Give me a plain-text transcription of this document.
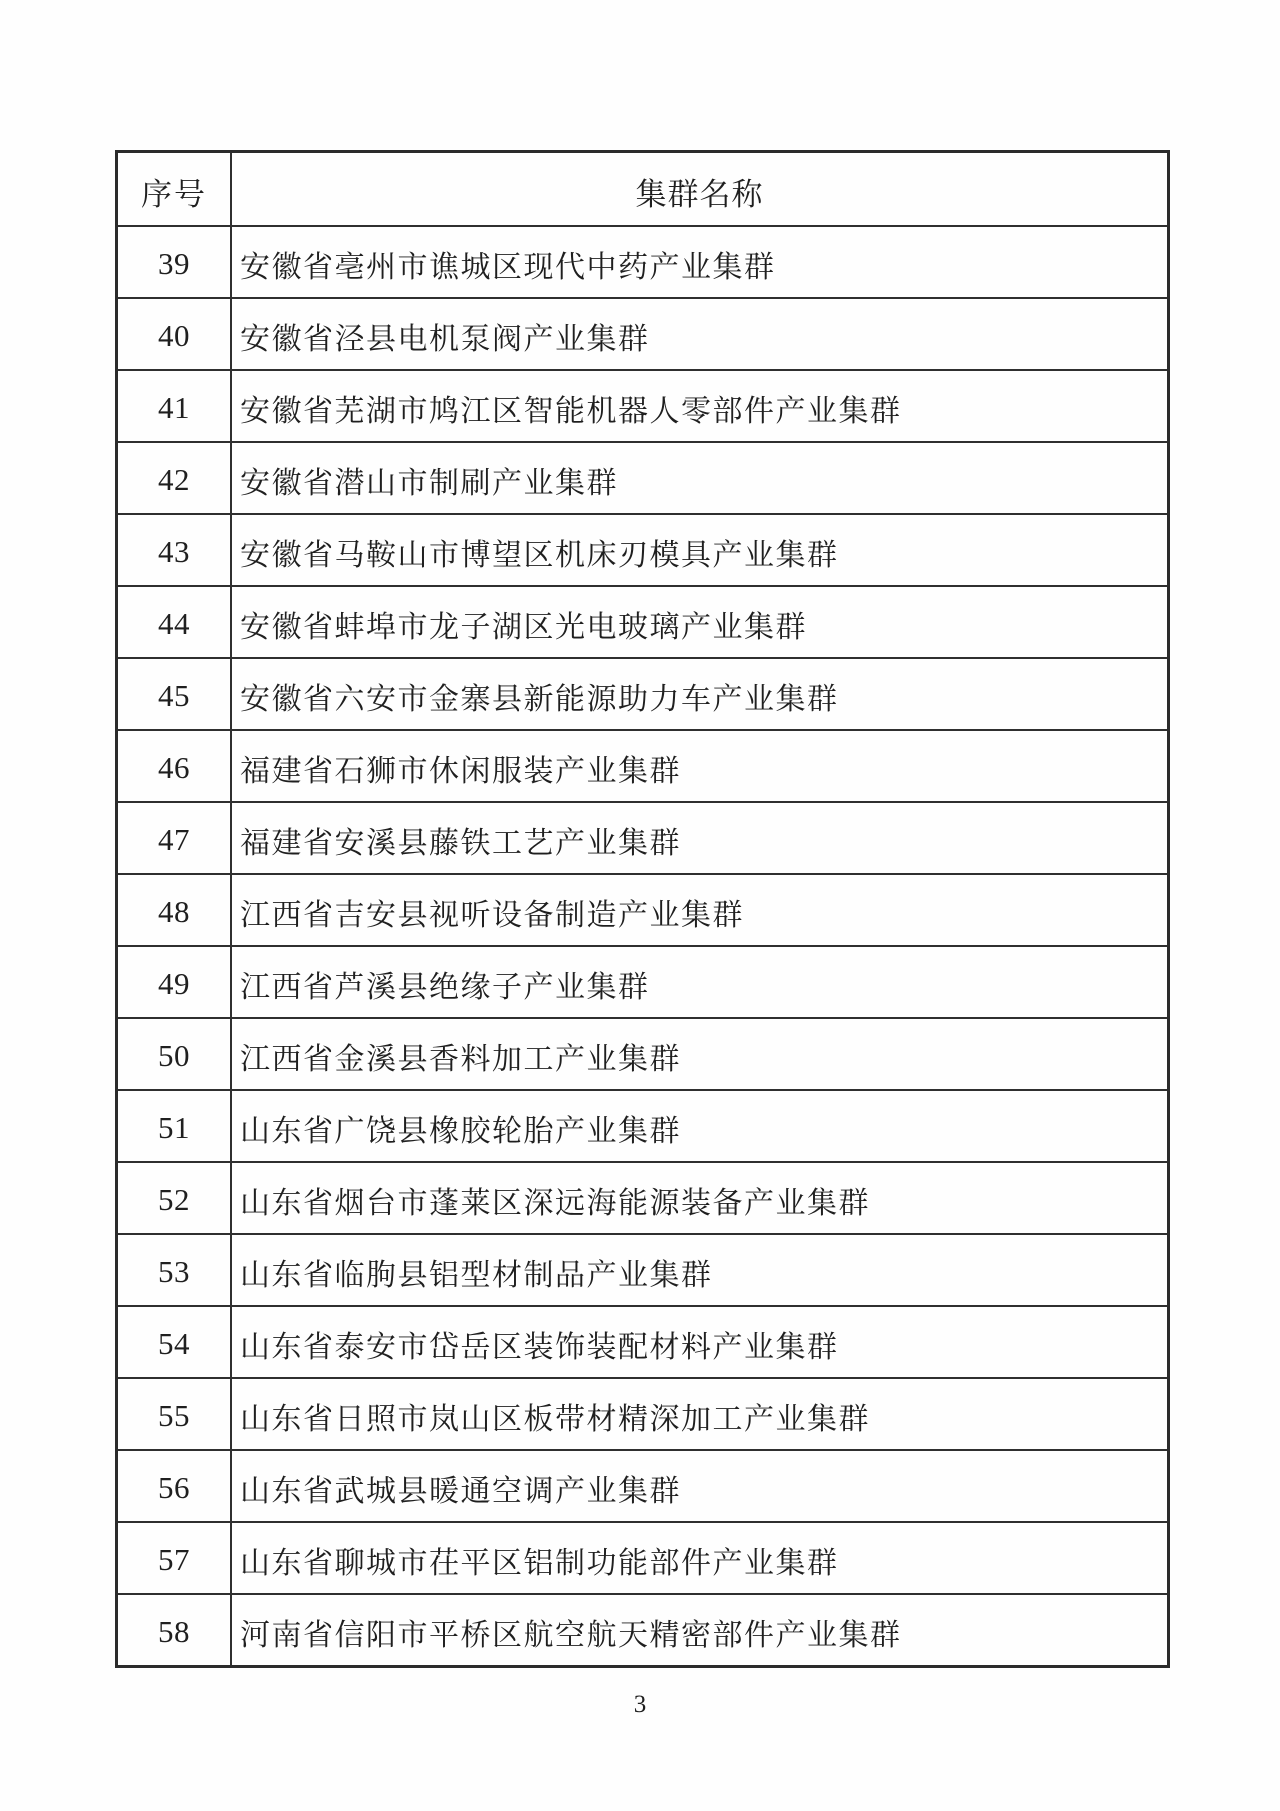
序号	集群名称
39	安徽省亳州市谯城区现代中药产业集群
40	安徽省泾县电机泵阀产业集群
41	安徽省芜湖市鸠江区智能机器人零部件产业集群
42	安徽省潜山市制刷产业集群
43	安徽省马鞍山市博望区机床刃模具产业集群
44	安徽省蚌埠市龙子湖区光电玻璃产业集群
45	安徽省六安市金寨县新能源助力车产业集群
46	福建省石狮市休闲服装产业集群
47	福建省安溪县藤铁工艺产业集群
48	江西省吉安县视听设备制造产业集群
49	江西省芦溪县绝缘子产业集群
50	江西省金溪县香料加工产业集群
51	山东省广饶县橡胶轮胎产业集群
52	山东省烟台市蓬莱区深远海能源装备产业集群
53	山东省临朐县铝型材制品产业集群
54	山东省泰安市岱岳区装饰装配材料产业集群
55	山东省日照市岚山区板带材精深加工产业集群
56	山东省武城县暖通空调产业集群
57	山东省聊城市茌平区铝制功能部件产业集群
58	河南省信阳市平桥区航空航天精密部件产业集群
3
